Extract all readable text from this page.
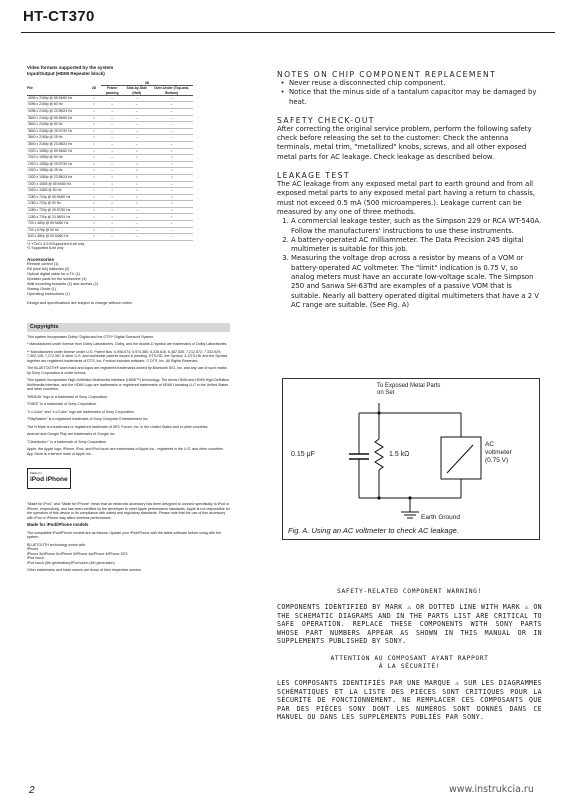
HT-CT370
Video formats supported by the system
Input/Output (HDMI Repeater block)
File	2D	3D		
		Frame packing	Side-by-Side (Half)	Over-Under (Top-and-Bottom)
4096 x 2160p @ 59.94/60 Hz	○	–	–	–
4096 x 2160p @ 50 Hz	○	–	–	–
4096 x 2160p @ 23.98/24 Hz	○	–	–	–
3840 x 2160p @ 59.94/60 Hz	○	–	–	–
3840 x 2160p @ 50 Hz	○	–	–	–
3840 x 2160p @ 29.97/30 Hz	○	–	–	–
3840 x 2160p @ 25 Hz	○	–	–	–
3840 x 2160p @ 23.98/24 Hz	○	–	–	–
1920 x 1080p @ 59.94/60 Hz	○	–	○	○
1920 x 1080p @ 50 Hz	○	–	○	○
1920 x 1080p @ 29.97/30 Hz	○	–	○	○
1920 x 1080p @ 25 Hz	○	–	○	○
1920 x 1080p @ 23.98/24 Hz	○	○	○	○
1920 x 1080i @ 59.94/60 Hz	○	○	○	–
1920 x 1080i @ 50 Hz	○	○	○	–
1280 x 720p @ 59.94/60 Hz	○	○	○	○
1280 x 720p @ 50 Hz	○	○	○	○
1280 x 720p @ 29.97/30 Hz	○	○	–	○
1280 x 720p @ 23.98/24 Hz	○	○	–	○
720 x 480p @ 59.94/60 Hz	○	–	–	–
720 x 576p @ 50 Hz	○	–	–	–
640 x 480p @ 59.94/60 Hz	○	–	–	–
*1 YCbCr 4:2:0/Supported 8-bit only
*2 Supported 8-bit only
Accessories

Remote control (1)

R6 (size AA) batteries (2)

Optical digital cable for a TV (1)

Speaker pads for the subwoofer (4)

Wall mounting brackets (2) and screws (2)

Startup Guide (1)

Operating Instructions (1)

Design and specifications are subject to change without notice.

Copyrights

This system incorporates Dolby* Digital and the DTS** Digital Surround System.

* Manufactured under license from Dolby Laboratories. Dolby, and the double-D symbol are trademarks of Dolby Laboratories.

** Manufactured under license under U.S. Patent Nos: 5,956,674; 5,974,380; 6,226,616; 6,487,535; 7,212,872; 7,333,929; 7,392,195; 7,272,567 & other U.S. and worldwide patents issued & pending. DTS-HD, the Symbol, & DTS-HD and the Symbol together are registered trademarks of DTS, Inc. Product includes software. © DTS, Inc. All Rights Reserved.

The BLUETOOTH® word mark and logos are registered trademarks owned by Bluetooth SIG, Inc. and any use of such marks by Sony Corporation is under license.

This system incorporates High-Definition Multimedia Interface (HDMI™) technology. The terms HDMI and HDMI High-Definition Multimedia Interface, and the HDMI Logo are trademarks or registered trademarks of HDMI Licensing LLC in the United States and other countries.

"BRAVIA" logo is a trademark of Sony Corporation.

"DSEE" is a trademark of Sony Corporation.

"x.v.Color" and "x.v.Color" logo are trademarks of Sony Corporation.

"PlayStation" is a registered trademark of Sony Computer Entertainment Inc.

The N Mark is a trademark or registered trademark of NFC Forum, Inc. in the United States and in other countries.

Android and Google Play are trademarks of Google Inc.

"ClearAudio+" is a trademark of Sony Corporation.

Apple, the Apple logo, iPhone, iPod, and iPod touch are trademarks of Apple Inc., registered in the U.S. and other countries. App Store is a service mark of Apple Inc.

Made for
iPod iPhone

"Made for iPod," and "Made for iPhone" mean that an electronic accessory has been designed to connect specifically to iPod or iPhone, respectively, and has been certified by the developer to meet Apple performance standards. Apple is not responsible for the operation of this device or its compliance with safety and regulatory standards. Please note that the use of this accessory with iPod or iPhone may affect wireless performance.

Made for iPod/iPhone models

The compatible iPod/iPhone models are as follows. Update your iPod/iPhone with the latest software before using with the system.

BLUETOOTH technology works with:

iPhone

iPhone 5s/iPhone 5c/iPhone 5/iPhone 4s/iPhone 4/iPhone 3GS

iPod touch

iPod touch (5th generation)/iPod touch (4th generation)

Other trademarks and trade names are those of their respective owners.

NOTES ON CHIP COMPONENT REPLACEMENT
• Never reuse a disconnected chip component.
• Notice that the minus side of a tantalum capacitor may be damaged by heat.
SAFETY CHECK-OUT

After correcting the original service problem, perform the following safety check before releasing the set to the customer: Check the antenna terminals, metal trim, "metallized" knobs, screws, and all other exposed metal parts for AC leakage. Check leakage as described below.

LEAKAGE TEST

The AC leakage from any exposed metal part to earth ground and from all exposed metal parts to any exposed metal part having a return to chassis, must not exceed 0.5 mA (500 microamperes.). Leakage current can be measured by any one of three methods.

1. A commercial leakage tester, such as the Simpson 229 or RCA WT-540A. Follow the manufacturers' instructions to use these instruments.
2. A battery-operated AC milliammeter. The Data Precision 245 digital multimeter is suitable for this job.
3. Measuring the voltage drop across a resistor by means of a VOM or battery-operated AC voltmeter. The "limit" indication is 0.75 V, so analog meters must have an accurate low-voltage scale. The Simpson 250 and Sanwa SH-63Trd are examples of a passive VOM that is suitable. Nearly all battery operated digital multimeters that have a 2 V AC range are suitable. (See Fig. A)
To Exposed Metal Parts on Set
0.15 μF	1.5 kΩ
AC
voltmeter
(0.75 V)
Earth Ground
Fig. A. Using an AC voltmeter to check AC leakage.

SAFETY-RELATED COMPONENT WARNING!

COMPONENTS IDENTIFIED BY MARK ⚠ OR DOTTED LINE WITH MARK ⚠ ON THE SCHEMATIC DIAGRAMS AND IN THE PARTS LIST ARE CRITICAL TO SAFE OPERATION. REPLACE THESE COMPONENTS WITH SONY PARTS WHOSE PART NUMBERS APPEAR AS SHOWN IN THIS MANUAL OR IN SUPPLEMENTS PUBLISHED BY SONY.

ATTENTION AU COMPOSANT AYANT RAPPORT

À LA SÉCURITÉ!

LES COMPOSANTS IDENTIFIÉS PAR UNE MARQUE ⚠ SUR LES DIAGRAMMES SCHÉMATIQUES ET LA LISTE DES PIÈCES SONT CRITIQUES POUR LA SÉCURITÉ DE FONCTIONNEMENT. NE REMPLACER CES COMPOSANTS QUE PAR DES PIÈCES SONY DONT LES NUMÉROS SONT DONNÉS DANS CE MANUEL OU DANS LES SUPPLÉMENTS PUBLIÉS PAR SONY.

2	www.instrukcia.ru
